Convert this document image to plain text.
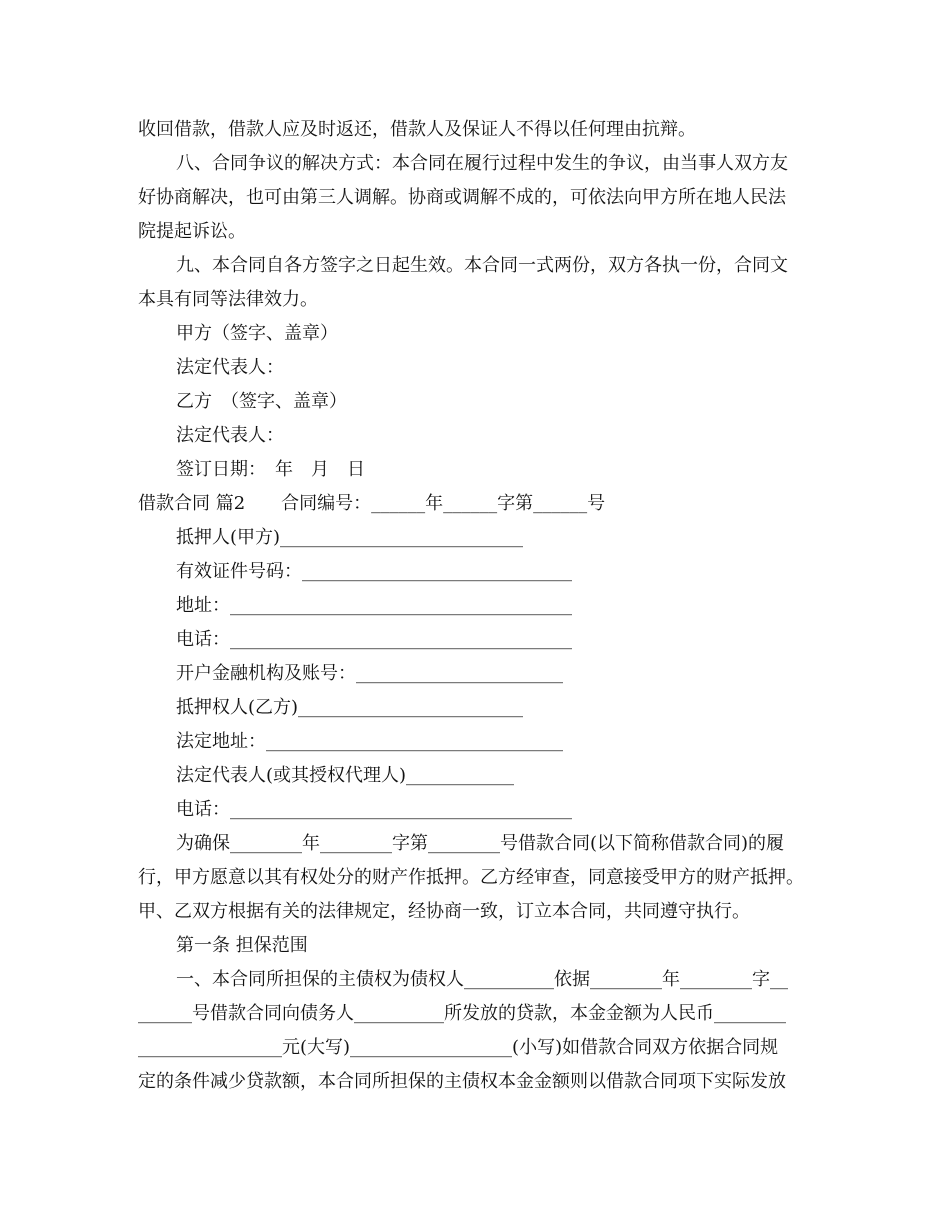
收回借款，借款人应及时返还，借款人及保证人不得以任何理由抗辩。
八、合同争议的解决方式：本合同在履行过程中发生的争议，由当事人双方友
好协商解决，也可由第三人调解。协商或调解不成的，可依法向甲方所在地人民法
院提起诉讼。
九、本合同自各方签字之日起生效。本合同一式两份，双方各执一份，合同文
本具有同等法律效力。
甲方（签字、盖章）
法定代表人：
乙方　（签字、盖章）
法定代表人：
签订日期：　年　月　日
借款合同 篇2　　合同编号：______年______字第______号
抵押人(甲方)___________________________
有效证件号码：______________________________
地址：______________________________________
电话：______________________________________
开户金融机构及账号：_______________________
抵押权人(乙方)_________________________
法定地址：_________________________________
法定代表人(或其授权代理人)____________
电话：______________________________________
为确保________年________字第________号借款合同(以下简称借款合同)的履
行，甲方愿意以其有权处分的财产作抵押。乙方经审查，同意接受甲方的财产抵押。
甲、乙双方根据有关的法律规定，经协商一致，订立本合同，共同遵守执行。
第一条 担保范围
一、本合同所担保的主债权为债权人__________依据________年________字__
______号借款合同向债务人__________所发放的贷款，本金金额为人民币________
________________元(大写)__________________(小写)如借款合同双方依据合同规
定的条件减少贷款额，本合同所担保的主债权本金金额则以借款合同项下实际发放
